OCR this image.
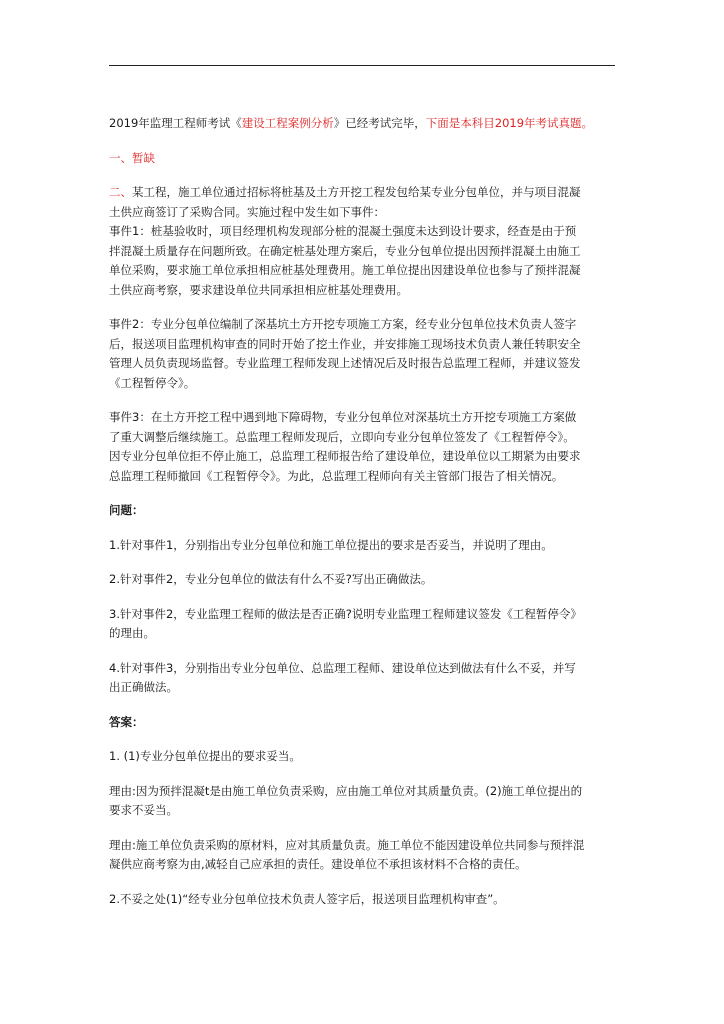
2019年监理工程师考试《建设工程案例分析》已经考试完毕，下面是本科目2019年考试真题。

一、暂缺

二、某工程，施工单位通过招标将桩基及土方开挖工程发包给某专业分包单位，并与项目混凝
土供应商签订了采购合同。实施过程中发生如下事件：
事件1：桩基验收时，项目经理机构发现部分桩的混凝土强度未达到设计要求，经查是由于预
拌混凝土质量存在问题所致。在确定桩基处理方案后，专业分包单位提出因预拌混凝土由施工
单位采购，要求施工单位承担相应桩基处理费用。施工单位提出因建设单位也参与了预拌混凝
土供应商考察，要求建设单位共同承担相应桩基处理费用。

事件2：专业分包单位编制了深基坑土方开挖专项施工方案，经专业分包单位技术负责人签字
后，报送项目监理机构审查的同时开始了挖土作业，并安排施工现场技术负责人兼任转职安全
管理人员负责现场监督。专业监理工程师发现上述情况后及时报告总监理工程师，并建议签发
《工程暂停令》。

事件3：在土方开挖工程中遇到地下障碍物，专业分包单位对深基坑土方开挖专项施工方案做
了重大调整后继续施工。总监理工程师发现后，立即向专业分包单位签发了《工程暂停令》。
因专业分包单位拒不停止施工，总监理工程师报告给了建设单位，建设单位以工期紧为由要求
总监理工程师撤回《工程暂停令》。为此，总监理工程师向有关主管部门报告了相关情况。

问题：

1.针对事件1，分别指出专业分包单位和施工单位提出的要求是否妥当，并说明了理由。

2.针对事件2，专业分包单位的做法有什么不妥?写出正确做法。

3.针对事件2，专业监理工程师的做法是否正确?说明专业监理工程师建议签发《工程暂停令》
的理由。

4.针对事件3，分别指出专业分包单位、总监理工程师、建设单位达到做法有什么不妥，并写
出正确做法。

答案：

1. (1)专业分包单位提出的要求妥当。

理由:因为预拌混凝t是由施工单位负责采购，应由施工单位对其质量负责。(2)施工单位提出的
要求不妥当。

理由:施工单位负责采购的原材料，应对其质量负责。施工单位不能因建设单位共同参与预拌混
凝供应商考察为由,减轻自己应承担的责任。建设单位不承担该材料不合格的责任。

2.不妥之处(1)“经专业分包单位技术负责人签字后，报送项目监理机构审查”。
